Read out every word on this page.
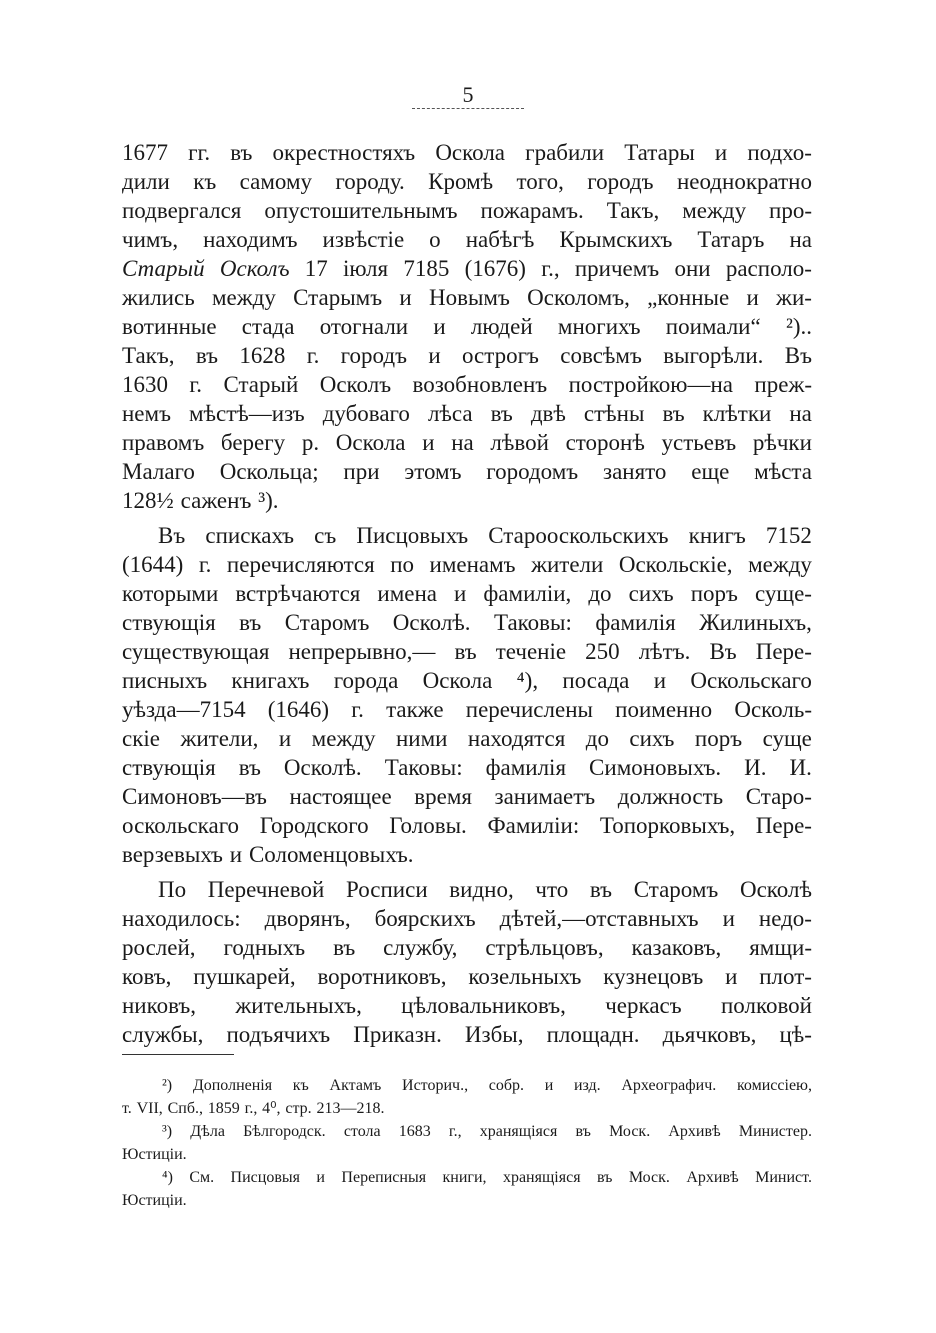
5
1677 гг. въ окрестностяхъ Оскола грабили Татары и подхо-
дили къ самому городу. Кромѣ того, городъ неоднократно
подвергался опустошительнымъ пожарамъ. Такъ, между про-
чимъ, находимъ извѣстіе о набѣгѣ Крымскихъ Татаръ на
Старый Осколъ 17 іюля 7185 (1676) г., причемъ они располо-
жились между Старымъ и Новымъ Осколомъ, „конные и жи-
вотинные стада отогнали и людей многихъ поимали“ ²)..
Такъ, въ 1628 г. городъ и острогъ совсѣмъ выгорѣли. Въ
1630 г. Старый Осколъ возобновленъ постройкою—на преж-
немъ мѣстѣ—изъ дубоваго лѣса въ двѣ стѣны въ клѣтки на
правомъ берегу р. Оскола и на лѣвой сторонѣ устьевъ рѣчки
Малаго Оскольца; при этомъ городомъ занято еще мѣста
128½ саженъ ³).
Въ спискахъ съ Писцовыхъ Старооскольскихъ книгъ 7152
(1644) г. перечисляются по именамъ жители Оскольскіе, между
которыми встрѣчаются имена и фамиліи, до сихъ поръ суще-
ствующія въ Старомъ Осколѣ. Таковы: фамилія Жилиныхъ,
существующая непрерывно,— въ теченіе 250 лѣтъ. Въ Пере-
писныхъ книгахъ города Оскола ⁴), посада и Оскольскаго
уѣзда—7154 (1646) г. также перечислены поименно Осколь-
скіе жители, и между ними находятся до сихъ поръ суще
ствующія въ Осколѣ. Таковы: фамилія Симоновыхъ. И. И.
Симоновъ—въ настоящее время занимаетъ должность Старо-
оскольскаго Городского Головы. Фамиліи: Топорковыхъ, Пере-
верзевыхъ и Соломенцовыхъ.
По Перечневой Росписи видно, что въ Старомъ Осколѣ
находилось: дворянъ, боярскихъ дѣтей,—отставныхъ и недо-
рослей, годныхъ въ службу, стрѣльцовъ, казаковъ, ямщи-
ковъ, пушкарей, воротниковъ, козельныхъ кузнецовъ и плот-
никовъ, жительныхъ, цѣловальниковъ, черкасъ полковой
службы, подъячихъ Приказн. Избы, площадн. дьячковъ, цѣ-
²) Дополненія къ Актамъ Историч., собр. и изд. Археографич. комиссіею,
т. VII, Спб., 1859 г., 4⁰, стр. 213—218.
³) Дѣла Бѣлгородск. стола 1683 г., хранящіяся въ Моск. Архивѣ Министер.
Юстиціи.
⁴) См. Писцовыя и Переписныя книги, хранящіяся въ Моск. Архивѣ Минист.
Юстиціи.
